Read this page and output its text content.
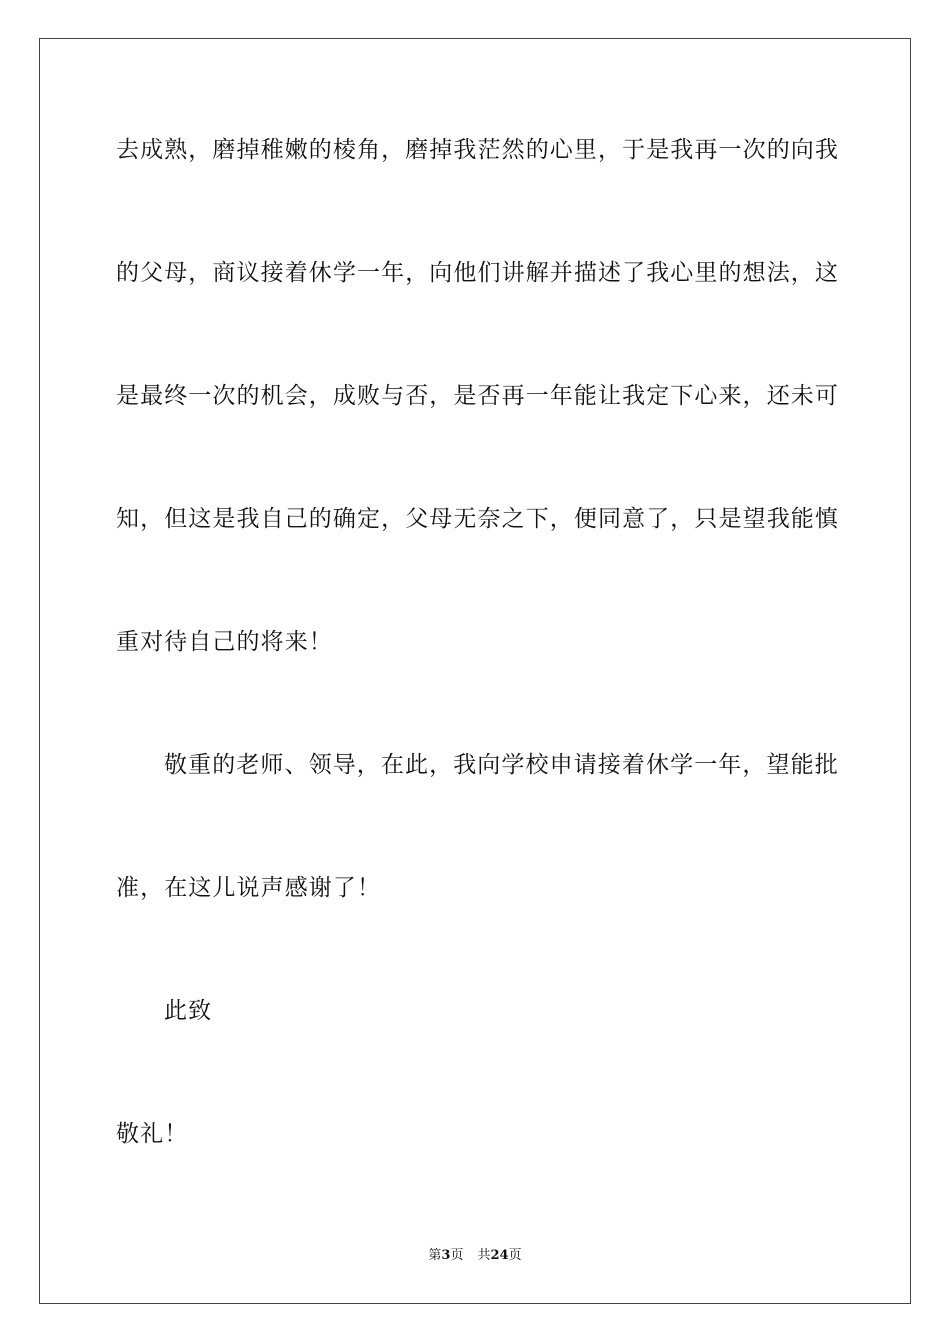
去成熟，磨掉稚嫩的棱角，磨掉我茫然的心里，于是我再一次的向我
的父母，商议接着休学一年，向他们讲解并描述了我心里的想法，这
是最终一次的机会，成败与否，是否再一年能让我定下心来，还未可
知，但这是我自己的确定，父母无奈之下，便同意了，只是望我能慎
重对待自己的将来！
敬重的老师、领导，在此，我向学校申请接着休学一年，望能批
准，在这儿说声感谢了！
此致
敬礼！
第3页 共24页
